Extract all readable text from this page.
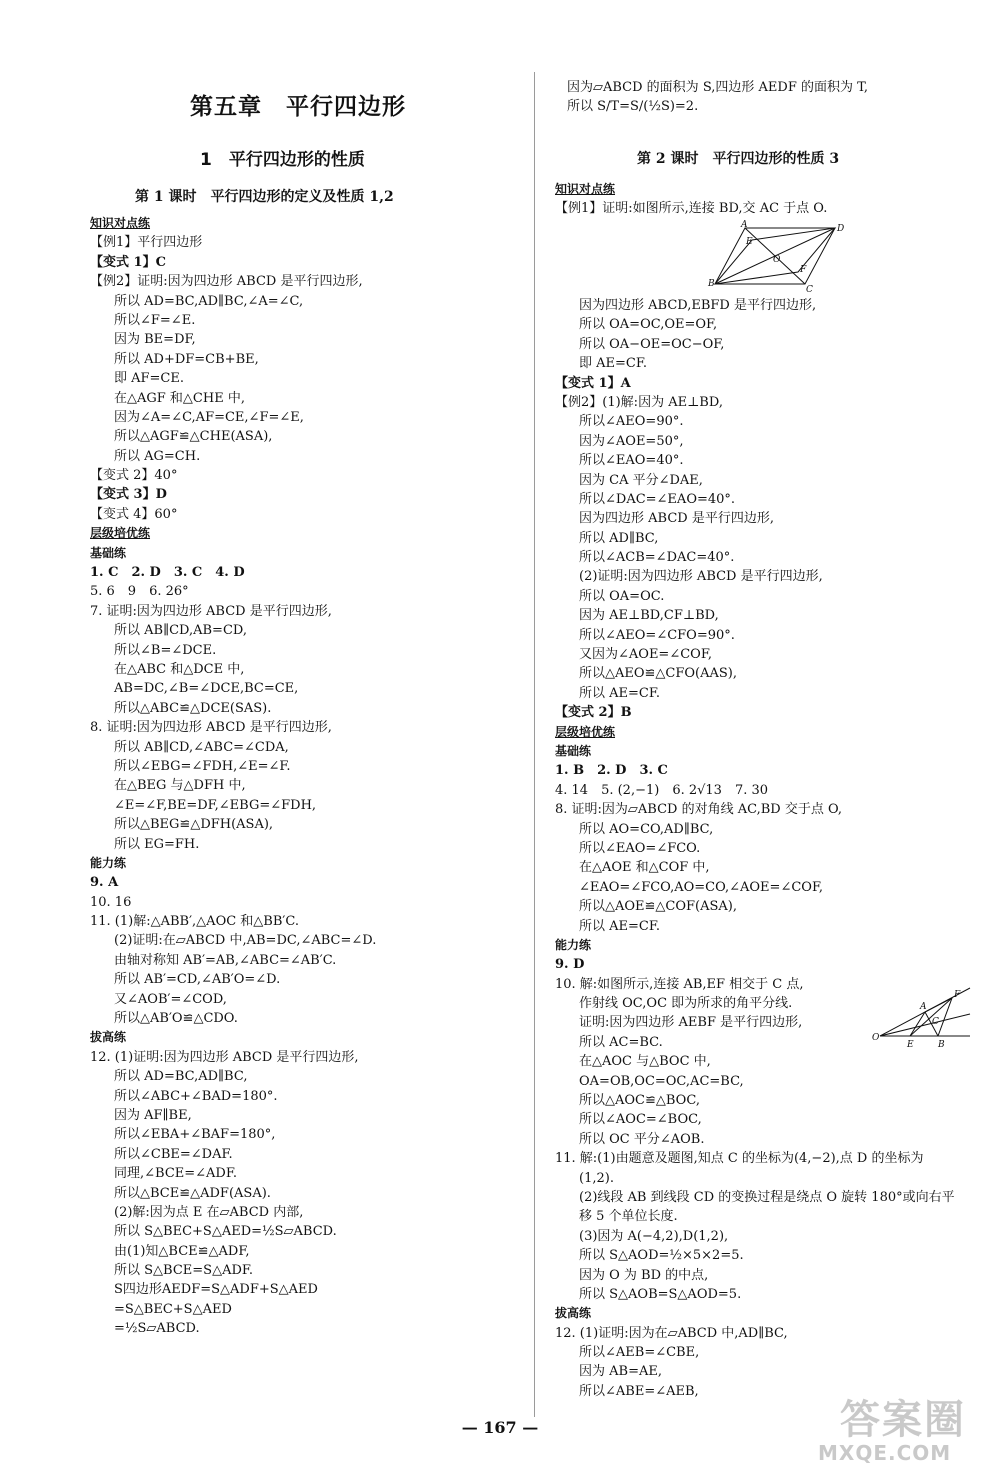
第五章　平行四边形
1　平行四边形的性质
第 1 课时　平行四边形的定义及性质 1,2
知识对点练
【例1】平行四边形
【变式 1】C
【例2】证明:因为四边形 ABCD 是平行四边形,
所以 AD=BC,AD∥BC,∠A=∠C,
所以∠F=∠E.
因为 BE=DF,
所以 AD+DF=CB+BE,
即 AF=CE.
在△AGF 和△CHE 中,
因为∠A=∠C,AF=CE,∠F=∠E,
所以△AGF≌△CHE(ASA),
所以 AG=CH.
【变式 2】40°
【变式 3】D
【变式 4】60°
层级培优练
基础练
1. C　2. D　3. C　4. D
5. 6　9　6. 26°
7. 证明:因为四边形 ABCD 是平行四边形,
所以 AB∥CD,AB=CD,
所以∠B=∠DCE.
在△ABC 和△DCE 中,
AB=DC,∠B=∠DCE,BC=CE,
所以△ABC≌△DCE(SAS).
8. 证明:因为四边形 ABCD 是平行四边形,
所以 AB∥CD,∠ABC=∠CDA,
所以∠EBG=∠FDH,∠E=∠F.
在△BEG 与△DFH 中,
∠E=∠F,BE=DF,∠EBG=∠FDH,
所以△BEG≌△DFH(ASA),
所以 EG=FH.
能力练
9. A
10. 16
11. (1)解:△ABB′,△AOC 和△BB′C.
(2)证明:在▱ABCD 中,AB=DC,∠ABC=∠D.
由轴对称知 AB′=AB,∠ABC=∠AB′C.
所以 AB′=CD,∠AB′O=∠D.
又∠AOB′=∠COD,
所以△AB′O≌△CDO.
拔高练
12. (1)证明:因为四边形 ABCD 是平行四边形,
所以 AD=BC,AD∥BC,
所以∠ABC+∠BAD=180°.
因为 AF∥BE,
所以∠EBA+∠BAF=180°,
所以∠CBE=∠DAF.
同理,∠BCE=∠ADF.
所以△BCE≌△ADF(ASA).
(2)解:因为点 E 在▱ABCD 内部,
所以 S△BEC+S△AED=½S▱ABCD.
由(1)知△BCE≌△ADF,
所以 S△BCE=S△ADF.
S四边形AEDF=S△ADF+S△AED
=S△BEC+S△AED
=½S▱ABCD.
因为▱ABCD 的面积为 S,四边形 AEDF 的面积为 T,
所以 S/T=S/(½S)=2.
第 2 课时　平行四边形的性质 3
知识对点练
【例1】证明:如图所示,连接 BD,交 AC 于点 O.
因为四边形 ABCD,EBFD 是平行四边形,
所以 OA=OC,OE=OF,
所以 OA−OE=OC−OF,
即 AE=CF.
【变式 1】A
【例2】(1)解:因为 AE⊥BD,
所以∠AEO=90°.
因为∠AOE=50°,
所以∠EAO=40°.
因为 CA 平分∠DAE,
所以∠DAC=∠EAO=40°.
因为四边形 ABCD 是平行四边形,
所以 AD∥BC,
所以∠ACB=∠DAC=40°.
(2)证明:因为四边形 ABCD 是平行四边形,
所以 OA=OC.
因为 AE⊥BD,CF⊥BD,
所以∠AEO=∠CFO=90°.
又因为∠AOE=∠COF,
所以△AEO≌△CFO(AAS),
所以 AE=CF.
【变式 2】B
层级培优练
基础练
1. B　2. D　3. C
4. 14　5. (2,−1)　6. 2√13　7. 30
8. 证明:因为▱ABCD 的对角线 AC,BD 交于点 O,
所以 AO=CO,AD∥BC,
所以∠EAO=∠FCO.
在△AOE 和△COF 中,
∠EAO=∠FCO,AO=CO,∠AOE=∠COF,
所以△AOE≌△COF(ASA),
所以 AE=CF.
能力练
9. D
10. 解:如图所示,连接 AB,EF 相交于 C 点,
作射线 OC,OC 即为所求的角平分线.
证明:因为四边形 AEBF 是平行四边形,
所以 AC=BC.
在△AOC 与△BOC 中,
OA=OB,OC=OC,AC=BC,
所以△AOC≌△BOC,
所以∠AOC=∠BOC,
所以 OC 平分∠AOB.
11. 解:(1)由题意及题图,知点 C 的坐标为(4,−2),点 D 的坐标为
(1,2).
(2)线段 AB 到线段 CD 的变换过程是绕点 O 旋转 180°或向右平
移 5 个单位长度.
(3)因为 A(−4,2),D(1,2),
所以 S△AOD=½×5×2=5.
因为 O 为 BD 的中点,
所以 S△AOB=S△AOD=5.
拔高练
12. (1)证明:因为在▱ABCD 中,AD∥BC,
所以∠AEB=∠CBE,
因为 AB=AE,
所以∠ABE=∠AEB,
A	D
E
O
F
B
C
A
F
C
O
E	B
— 167 —	答案圈
MXQE.COM
